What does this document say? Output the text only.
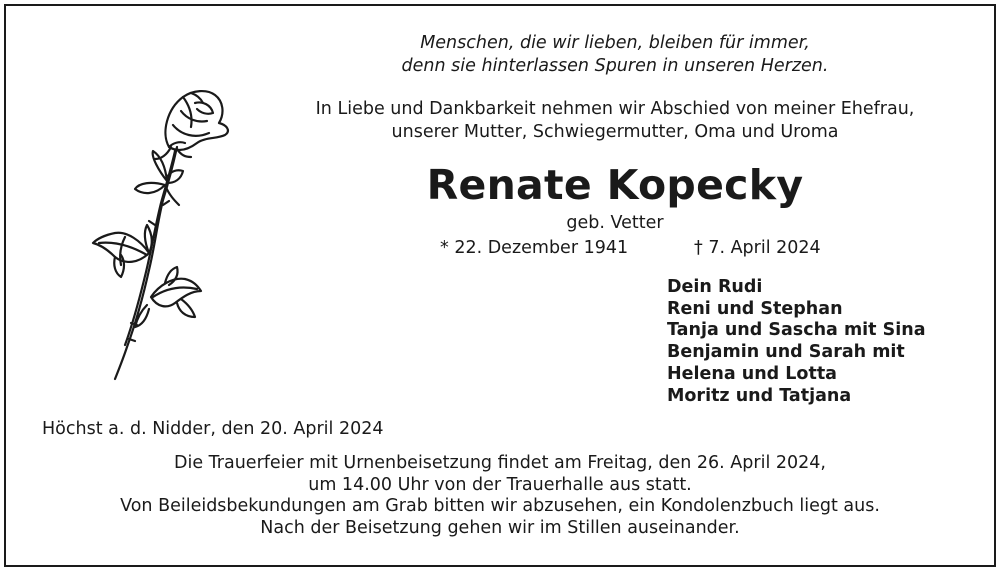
Menschen, die wir lieben, bleiben für immer,
denn sie hinterlassen Spuren in unseren Herzen.
In Liebe und Dankbarkeit nehmen wir Abschied von meiner Ehefrau,
unserer Mutter, Schwiegermutter, Oma und Uroma
Renate Kopecky
geb. Vetter
* 22. Dezember 1941	† 7. April 2024
Dein Rudi
Reni und Stephan
Tanja und Sascha mit Sina
Benjamin und Sarah mit
Helena und Lotta
Moritz und Tatjana
Höchst a. d. Nidder, den 20. April 2024
Die Trauerfeier mit Urnenbeisetzung findet am Freitag, den 26. April 2024,
um 14.00 Uhr von der Trauerhalle aus statt.
Von Beileidsbekundungen am Grab bitten wir abzusehen, ein Kondolenzbuch liegt aus.
Nach der Beisetzung gehen wir im Stillen auseinander.
